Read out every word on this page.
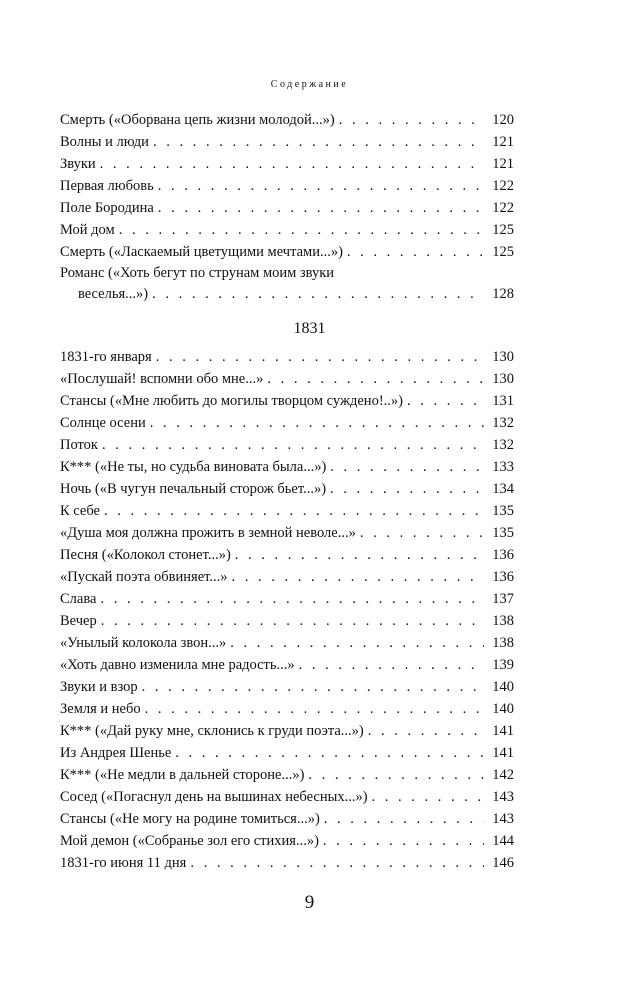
Содержание
Смерть («Оборвана цепь жизни молодой...») . . .	120
Волны и люди . . .	121
Звуки . . .	121
Первая любовь . . .	122
Поле Бородина . . .	122
Мой дом . . .	125
Смерть («Ласкаемый цветущими мечтами...») . . .	125
Романс («Хоть бегут по струнам моим звуки
веселья...») . . .	128
1831
1831-го января . . .	130
«Послушай! вспомни обо мне...» . . .	130
Стансы («Мне любить до могилы творцом суждено!..») . . .	131
Солнце осени . . .	132
Поток . . .	132
К*** («Не ты, но судьба виновата была...») . . .	133
Ночь («В чугун печальный сторож бьет...») . . .	134
К себе . . .	135
«Душа моя должна прожить в земной неволе...» . . .	135
Песня («Колокол стонет...») . . .	136
«Пускай поэта обвиняет...» . . .	136
Слава . . .	137
Вечер . . .	138
«Унылый колокола звон...» . . .	138
«Хоть давно изменила мне радость...» . . .	139
Звуки и взор . . .	140
Земля и небо . . .	140
К*** («Дай руку мне, склонись к груди поэта...») . . .	141
Из Андрея Шенье . . .	141
К*** («Не медли в дальней стороне...») . . .	142
Сосед («Погаснул день на вышинах небесных...») . . .	143
Стансы («Не могу на родине томиться...») . . .	143
Мой демон («Собранье зол его стихия...») . . .	144
1831-го июня 11 дня . . .	146
9
